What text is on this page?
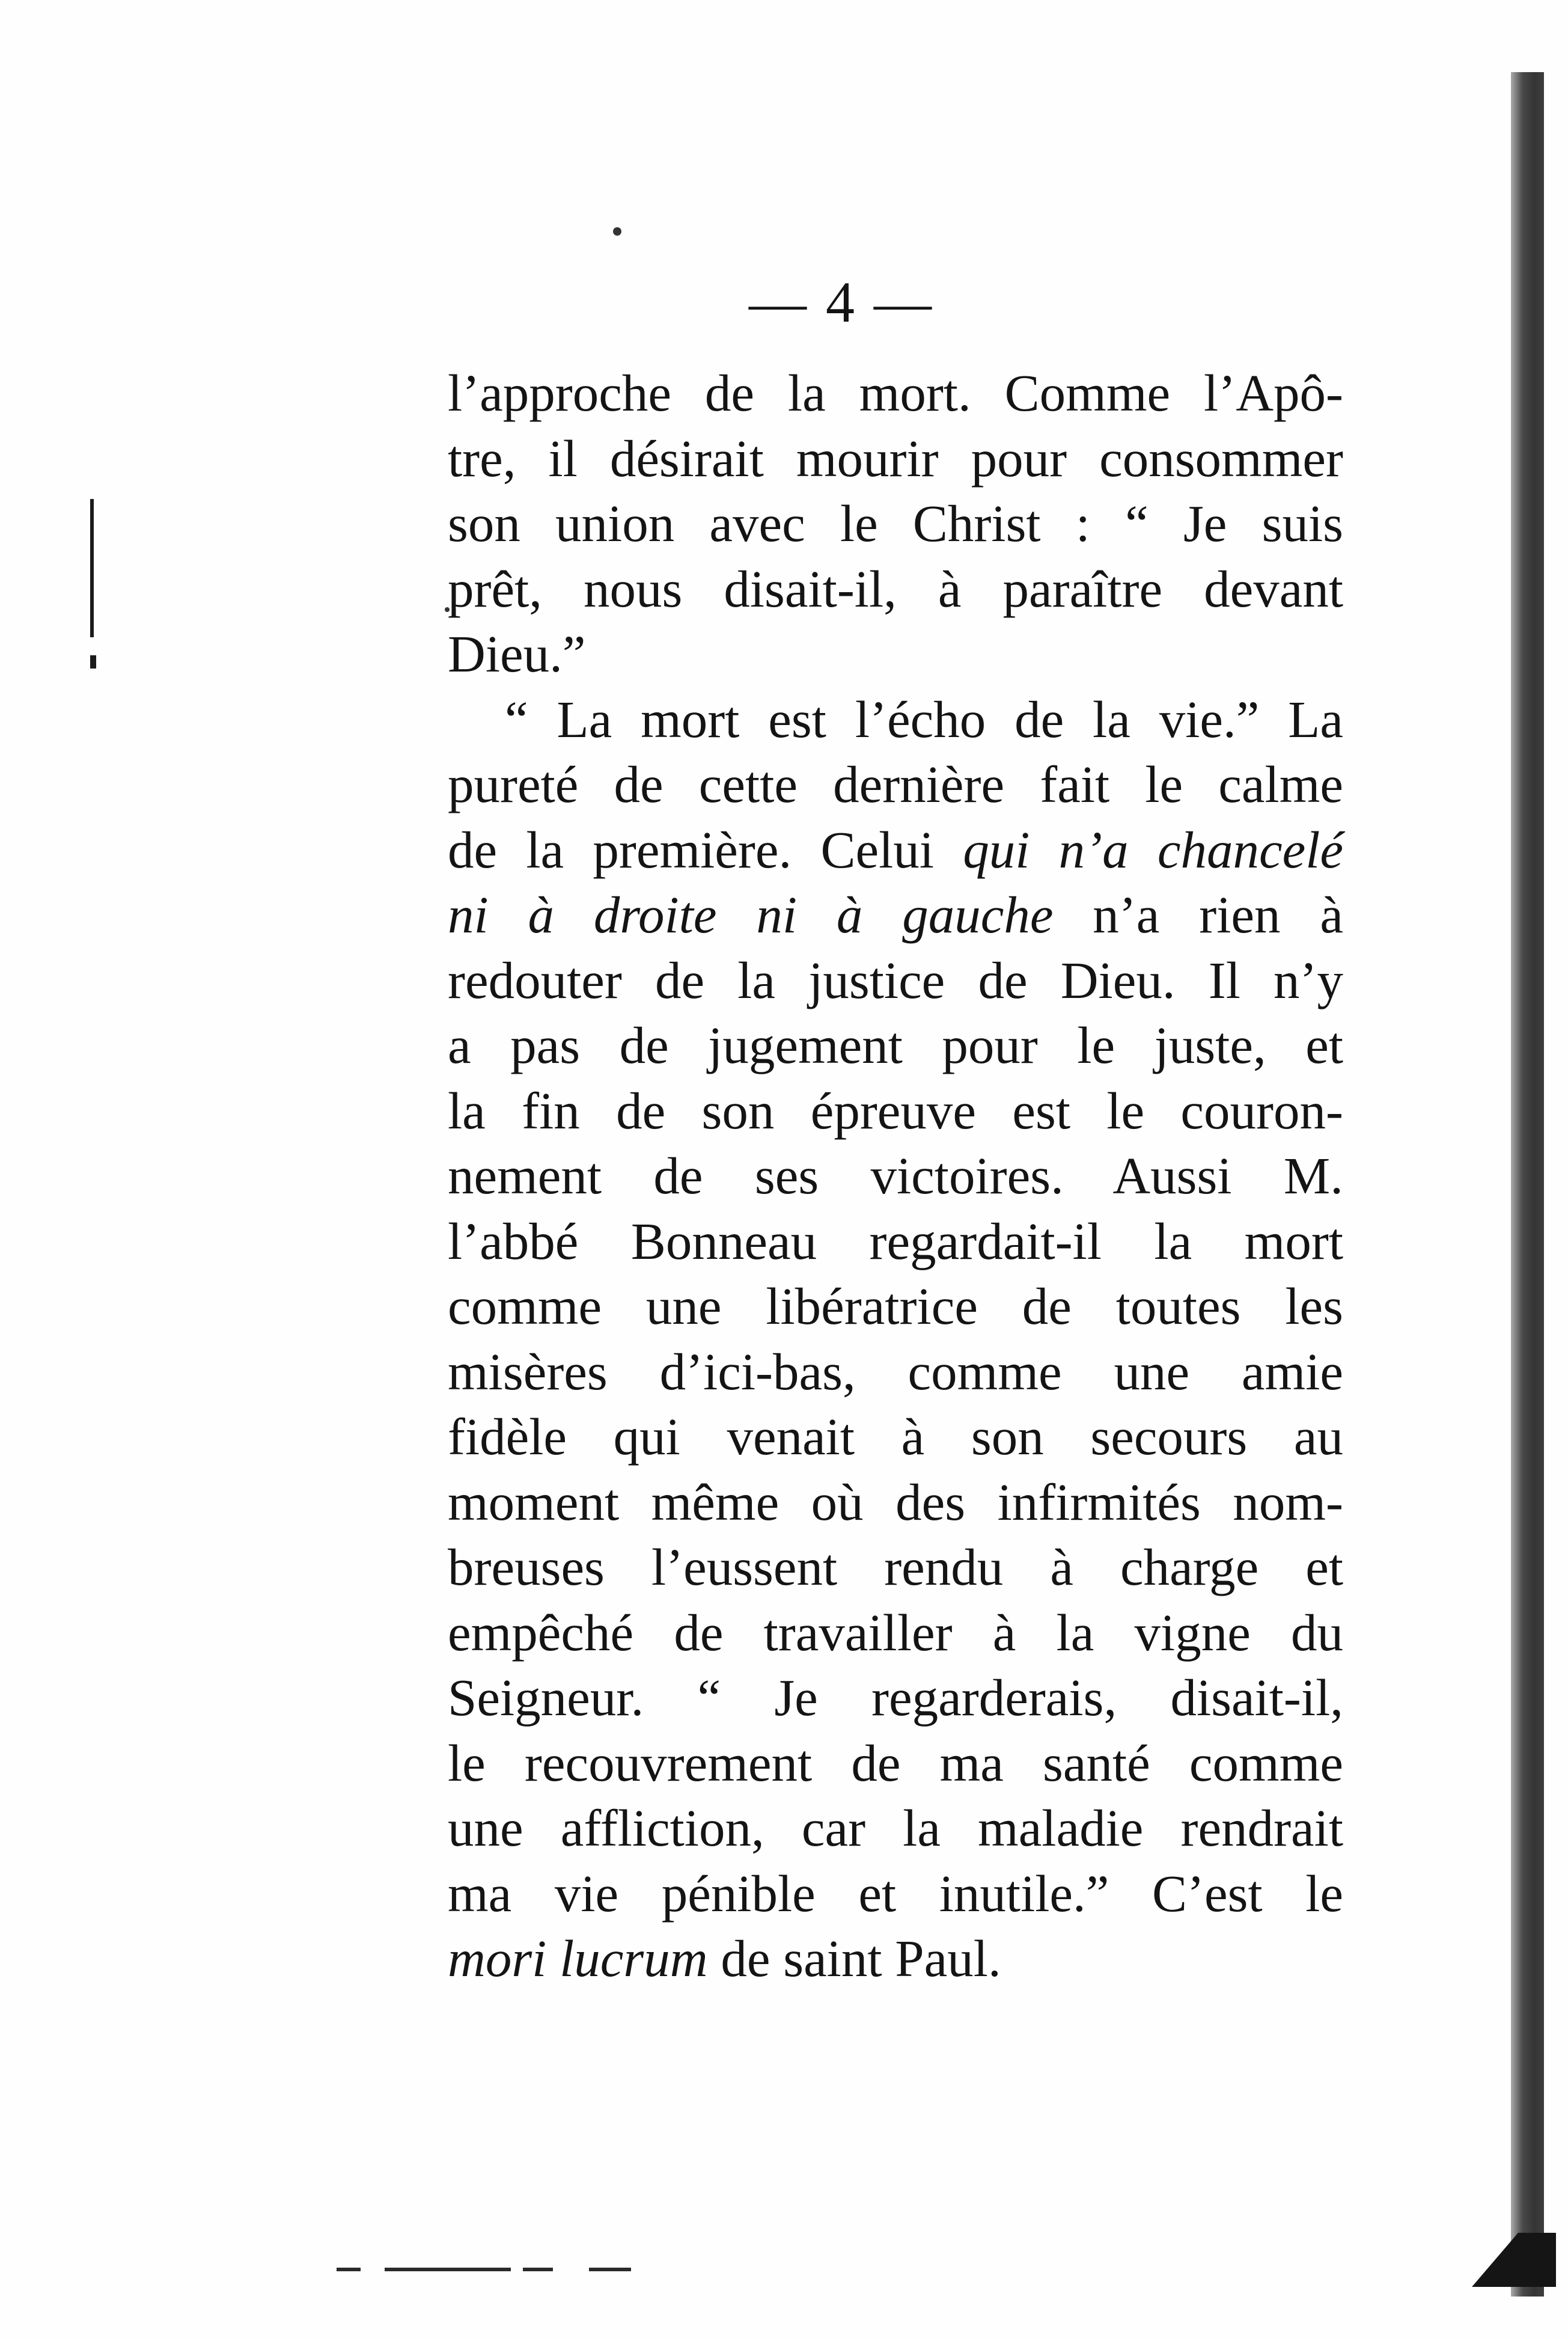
— 4 —
l’approche de la mort. Comme l’Apô-
tre, il désirait mourir pour consommer
son union avec le Christ : “ Je suis
prêt, nous disait-il, à paraître devant
Dieu.”
“ La mort est l’écho de la vie.” La
pureté de cette dernière fait le calme
de la première. Celui qui n’a chancelé
ni à droite ni à gauche n’a rien à
redouter de la justice de Dieu. Il n’y
a pas de jugement pour le juste, et
la fin de son épreuve est le couron-
nement de ses victoires. Aussi M.
l’abbé Bonneau regardait-il la mort
comme une libératrice de toutes les
misères d’ici-bas, comme une amie
fidèle qui venait à son secours au
moment même où des infirmités nom-
breuses l’eussent rendu à charge et
empêché de travailler à la vigne du
Seigneur. “ Je regarderais, disait-il,
le recouvrement de ma santé comme
une affliction, car la maladie rendrait
ma vie pénible et inutile.” C’est le
mori lucrum de saint Paul.
